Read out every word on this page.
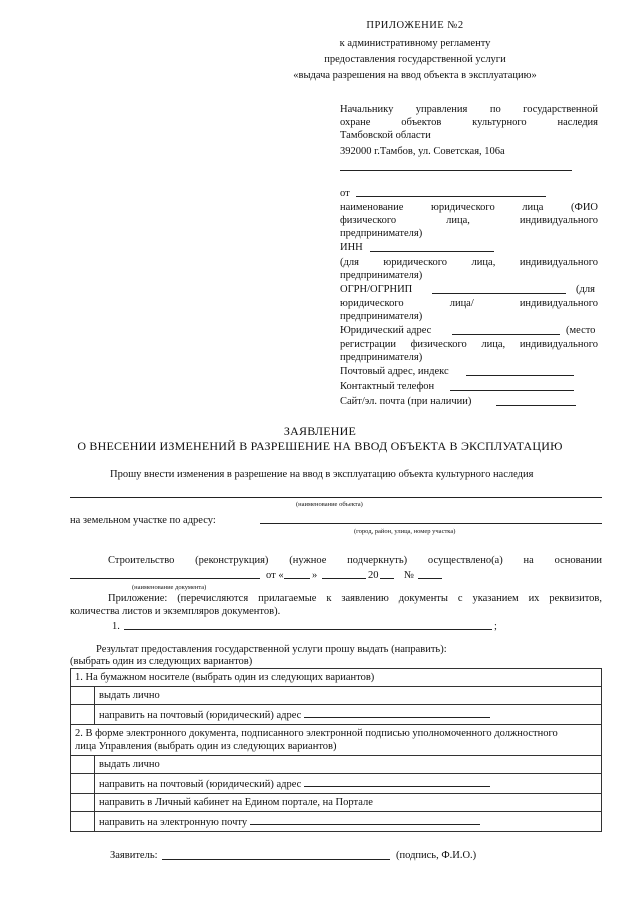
ПРИЛОЖЕНИЕ №2
к административному регламенту
предоставления государственной услуги
«выдача разрешения на ввод объекта в эксплуатацию»
Начальнику управления по государственной
охране объектов культурного наследия
Тамбовской области
392000 г.Тамбов, ул. Советская, 106а
от
наименование юридического лица (ФИО
физического лица, индивидуального
предпринимателя)
ИНН
(для юридического лица, индивидуального
предпринимателя)
ОГРН/ОГРНИП	(для
юридического лица/ индивидуального
предпринимателя)
Юридический адрес	(место
регистрации физического лица, индивидуального
предпринимателя)
Почтовый адрес, индекс
Контактный телефон
Сайт/эл. почта (при наличии)
ЗАЯВЛЕНИЕ
О ВНЕСЕНИИ ИЗМЕНЕНИЙ В РАЗРЕШЕНИЕ НА ВВОД ОБЪЕКТА В ЭКСПЛУАТАЦИЮ
Прошу внести изменения в разрешение на ввод в эксплуатацию объекта культурного наследия
(наименование объекта)
на земельном участке по адресу:
(город, район, улица, номер участка)
Строительство (реконструкция) (нужное подчеркнуть) осуществлено(а) на основании
от «	»	20 №
(наименование документа)
Приложение: (перечисляются прилагаемые к заявлению документы с указанием их реквизитов,
количества листов и экземпляров документов).
1.	;
Результат предоставления государственной услуги прошу выдать (направить):
(выбрать один из следующих вариантов)
1. На бумажном носителе (выбрать один из следующих вариантов)	
	выдать лично
	направить на почтовый (юридический) адрес
2. В форме электронного документа, подписанного электронной подписью уполномоченного должностного
лица Управления (выбрать один из следующих вариантов)	
	выдать лично
	направить на почтовый (юридический) адрес
	направить в Личный кабинет на Едином портале, на Портале
	направить на электронную почту
Заявитель:	(подпись, Ф.И.О.)
